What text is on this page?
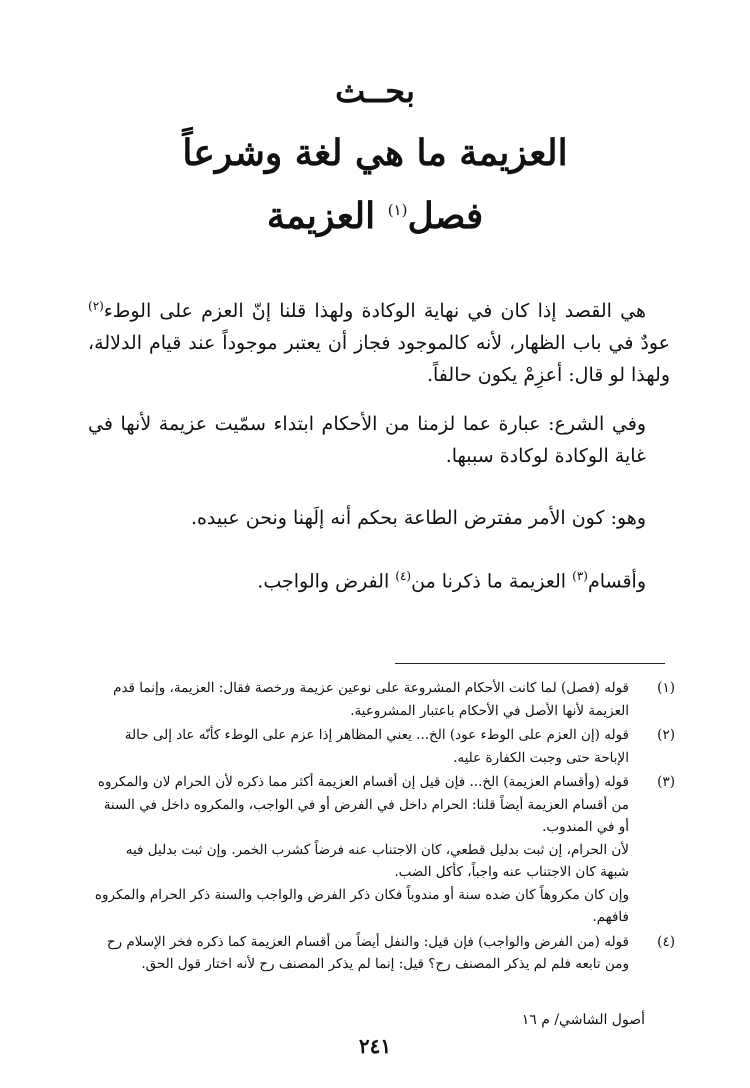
بحــث
العزيمة ما هي لغة وشرعاً
فصل$^{(١)}$ العزيمة
هي القصد إذا كان في نهاية الوكادة ولهذا قلنا إنّ العزم على الوطء$^{(٢)}$ عودٌ في باب الظهار، لأنه كالموجود فجاز أن يعتبر موجوداً عند قيام الدلالة، ولهذا لو قال: أعزِمْ يكون حالفاً.
وفي الشرع: عبارة عما لزمنا من الأحكام ابتداء سمّيت عزيمة لأنها في غاية الوكادة لوكادة سببها.
وهو: كون الأمر مفترض الطاعة بحكم أنه إلَهنا ونحن عبيده.
وأقسام$^{(٣)}$ العزيمة ما ذكرنا من$^{(٤)}$ الفرض والواجب.
(١)
قوله (فصل) لما كانت الأحكام المشروعة على نوعين عزيمة ورخصة فقال: العزيمة، وإنما قدم
العزيمة لأنها الأصل في الأحكام باعتبار المشروعية.
(٢)
قوله (إن العزم على الوطء عود) الخ... يعني المظاهر إذا عزم على الوطء كأنّه عاد إلى حالة
الإباحة حتى وجبت الكفارة عليه.
(٣)
قوله (وأقسام العزيمة) الخ... فإن قيل إن أقسام العزيمة أكثر مما ذكره لأن الحرام لان والمكروه
من أقسام العزيمة أيضاً قلنا: الحرام داخل في الفرض أو في الواجب، والمكروه داخل في السنة
أو في المندوب.
لأن الحرام، إن ثبت بدليل قطعي، كان الاجتناب عنه فرضاً كشرب الخمر. وإن ثبت بدليل فيه
شبهة كان الاجتناب عنه واجباً، كأكل الضب.
وإن كان مكروهاً كان ضده سنة أو مندوباً فكان ذكر الفرض والواجب والسنة ذكر الحرام والمكروه
فافهم.
(٤)
قوله (من الفرض والواجب) فإن قيل: والنفل أيضاً من أقسام العزيمة كما ذكره فخر الإسلام رح
ومن تابعه فلم لم يذكر المصنف رح؟ قيل: إنما لم يذكر المصنف رح لأنه اختار قول الحق.
أصول الشاشي/ م ١٦
٢٤١
